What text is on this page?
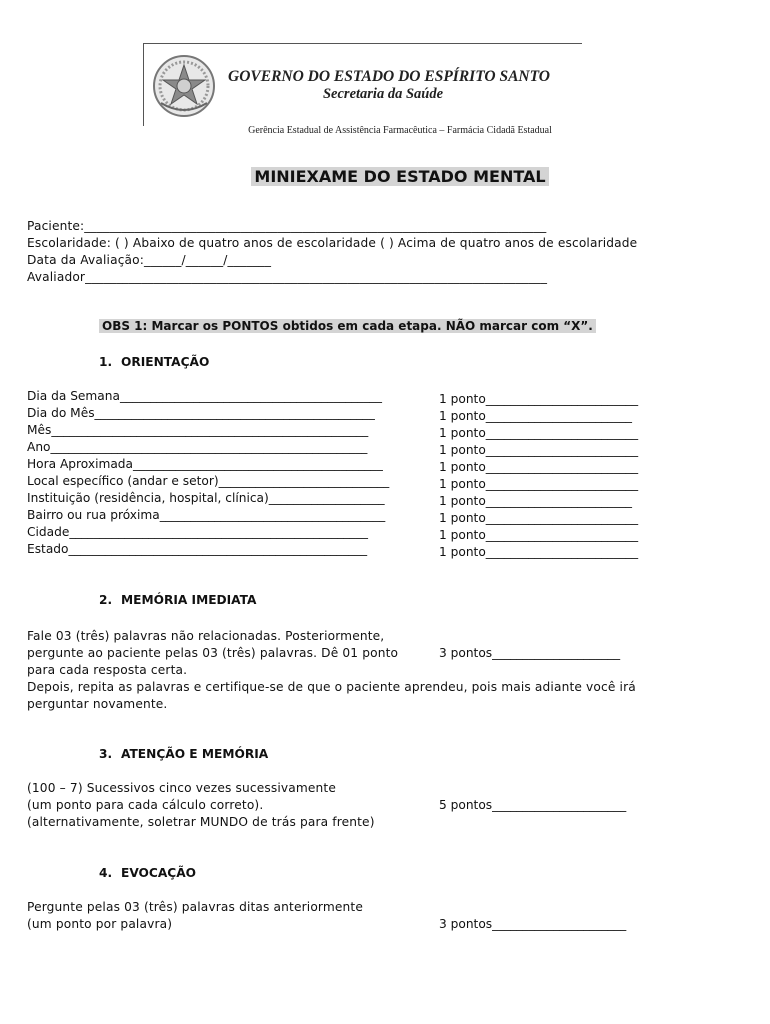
GOVERNO DO ESTADO DO ESPÍRITO SANTO
Secretaria da Saúde
Gerência Estadual de Assistência Farmacêutica – Farmácia Cidadã Estadual
MINIEXAME DO ESTADO MENTAL
Paciente:__________________________________________________________________________
Escolaridade: ( ) Abaixo de quatro anos de escolaridade ( ) Acima de quatro anos de escolaridade
Data da Avaliação:______/______/_______
Avaliador__________________________________________________________________________
OBS 1: Marcar os PONTOS obtidos em cada etapa. NÃO marcar com “X”.
1. ORIENTAÇÃO
Dia da Semana___________________________________________	1 ponto_________________________
Dia do Mês______________________________________________	1 ponto________________________
Mês____________________________________________________	1 ponto_________________________
Ano____________________________________________________	1 ponto_________________________
Hora Aproximada_________________________________________	1 ponto_________________________
Local específico (andar e setor)____________________________	1 ponto_________________________
Instituição (residência, hospital, clínica)___________________	1 ponto________________________
Bairro ou rua próxima_____________________________________	1 ponto_________________________
Cidade_________________________________________________	1 ponto_________________________
Estado_________________________________________________	1 ponto_________________________
2. MEMÓRIA IMEDIATA
Fale 03 (três) palavras não relacionadas. Posteriormente,
pergunte ao paciente pelas 03 (três) palavras. Dê 01 ponto	3 pontos_____________________
para cada resposta certa.
Depois, repita as palavras e certifique-se de que o paciente aprendeu, pois mais adiante você irá
perguntar novamente.
3. ATENÇÃO E MEMÓRIA
(100 – 7) Sucessivos cinco vezes sucessivamente
(um ponto para cada cálculo correto).	5 pontos______________________
(alternativamente, soletrar MUNDO de trás para frente)
4. EVOCAÇÃO
Pergunte pelas 03 (três) palavras ditas anteriormente
(um ponto por palavra)	3 pontos______________________
